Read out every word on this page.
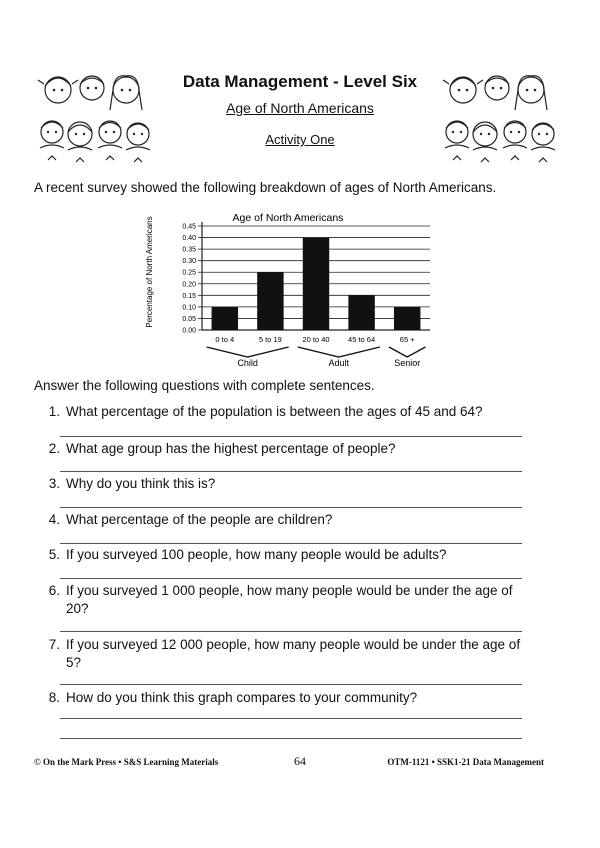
Data Management - Level Six
Age of North Americans
Activity One
A recent survey showed the following breakdown of ages of North Americans.
Age of North Americans
Percentage of North Americans
0.00
0.05
0.10
0.15
0.20
0.25
0.30
0.35
0.40
0.45
0 to 4	5 to 19	20 to 40 45 to 64	65 +
Child	Adult	Senior
Answer the following questions with complete sentences.
1. What percentage of the population is between the ages of 45 and 64?
2. What age group has the highest percentage of people?
3. Why do you think this is?
4. What percentage of the people are children?
5. If you surveyed 100 people, how many people would be adults?
6. If you surveyed 1 000 people, how many people would be under the age of 20?
7. If you surveyed 12 000 people, how many people would be under the age of 5?
8. How do you think this graph compares to your community?
© On the Mark Press • S&S Learning Materials	64	OTM-1121 • SSK1-21 Data Management
